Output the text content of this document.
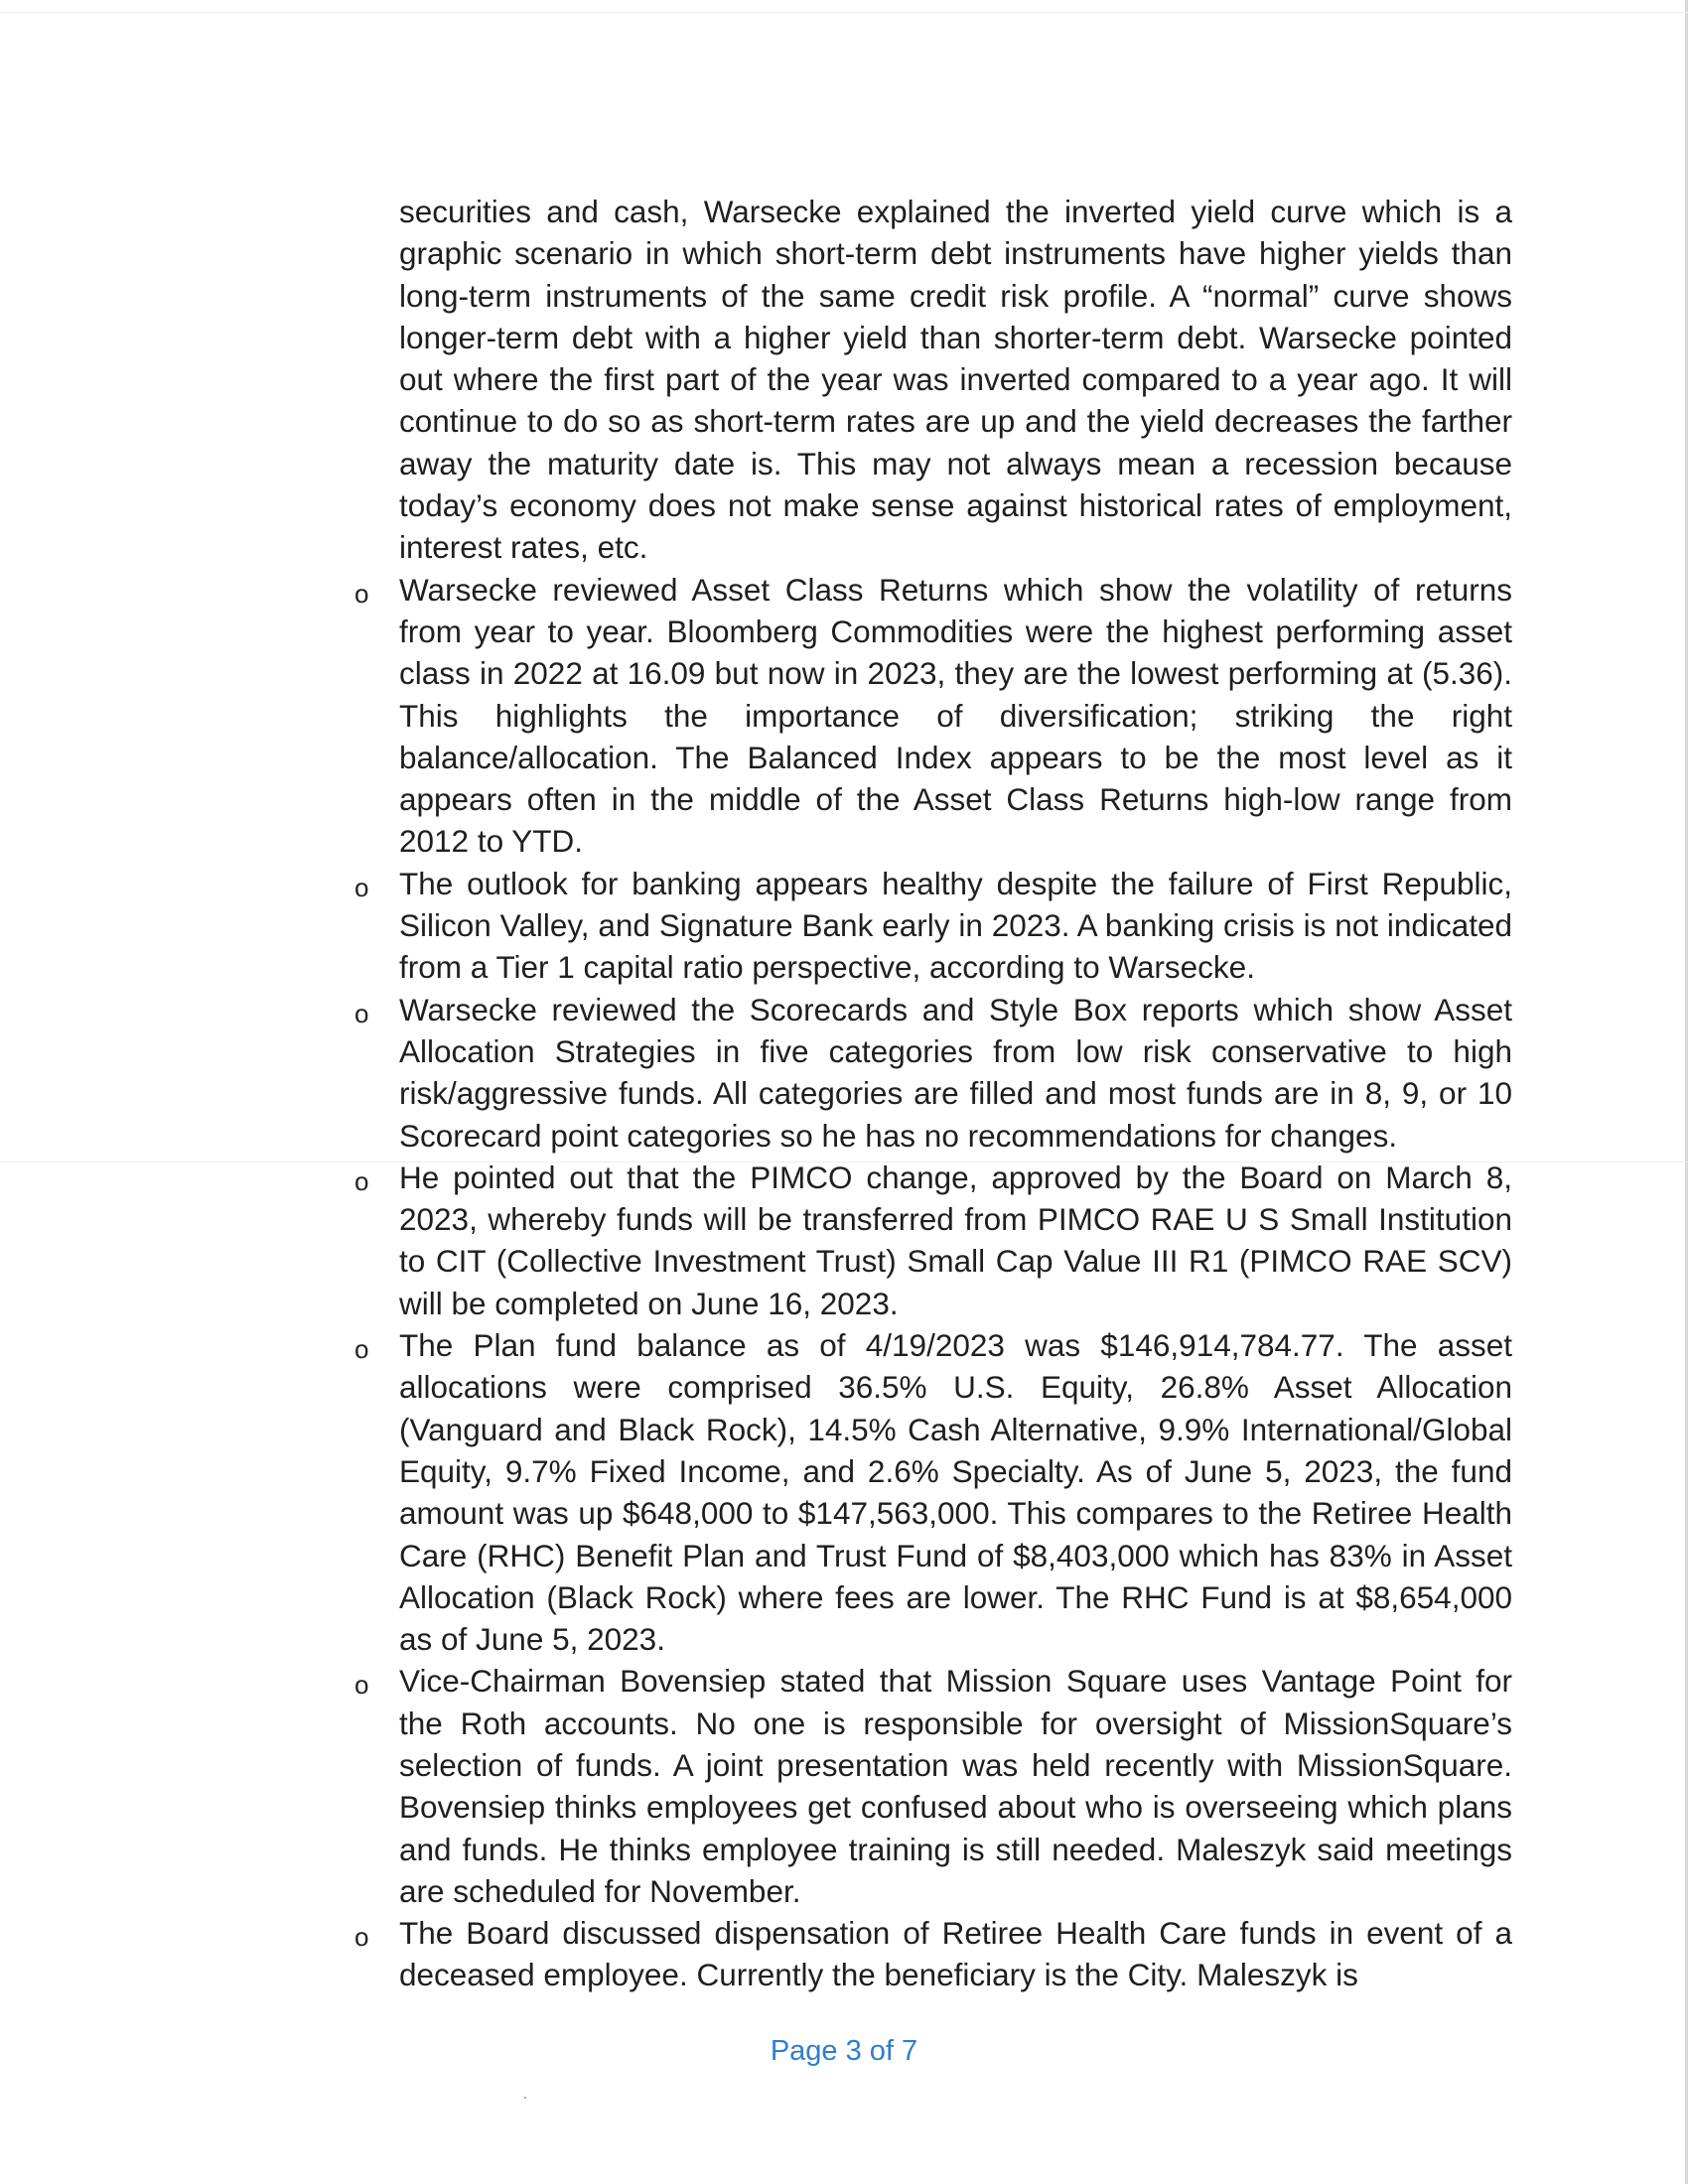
securities and cash, Warsecke explained the inverted yield curve which is a graphic scenario in which short-term debt instruments have higher yields than long-term instruments of the same credit risk profile. A “normal” curve shows longer-term debt with a higher yield than shorter-term debt. Warsecke pointed out where the first part of the year was inverted compared to a year ago. It will continue to do so as short-term rates are up and the yield decreases the farther away the maturity date is. This may not always mean a recession because today’s economy does not make sense against historical rates of employment, interest rates, etc.

o Warsecke reviewed Asset Class Returns which show the volatility of returns from year to year. Bloomberg Commodities were the highest performing asset class in 2022 at 16.09 but now in 2023, they are the lowest performing at (5.36). This highlights the importance of diversification; striking the right balance/allocation. The Balanced Index appears to be the most level as it appears often in the middle of the Asset Class Returns high-low range from 2012 to YTD.

o The outlook for banking appears healthy despite the failure of First Republic, Silicon Valley, and Signature Bank early in 2023. A banking crisis is not indicated from a Tier 1 capital ratio perspective, according to Warsecke.

o Warsecke reviewed the Scorecards and Style Box reports which show Asset Allocation Strategies in five categories from low risk conservative to high risk/aggressive funds. All categories are filled and most funds are in 8, 9, or 10 Scorecard point categories so he has no recommendations for changes.

o He pointed out that the PIMCO change, approved by the Board on March 8, 2023, whereby funds will be transferred from PIMCO RAE U S Small Institution to CIT (Collective Investment Trust) Small Cap Value III R1 (PIMCO RAE SCV) will be completed on June 16, 2023.

o The Plan fund balance as of 4/19/2023 was $146,914,784.77. The asset allocations were comprised 36.5% U.S. Equity, 26.8% Asset Allocation (Vanguard and Black Rock), 14.5% Cash Alternative, 9.9% International/Global Equity, 9.7% Fixed Income, and 2.6% Specialty. As of June 5, 2023, the fund amount was up $648,000 to $147,563,000. This compares to the Retiree Health Care (RHC) Benefit Plan and Trust Fund of $8,403,000 which has 83% in Asset Allocation (Black Rock) where fees are lower. The RHC Fund is at $8,654,000 as of June 5, 2023.

o Vice-Chairman Bovensiep stated that Mission Square uses Vantage Point for the Roth accounts. No one is responsible for oversight of MissionSquare’s selection of funds. A joint presentation was held recently with MissionSquare. Bovensiep thinks employees get confused about who is overseeing which plans and funds. He thinks employee training is still needed. Maleszyk said meetings are scheduled for November.

o The Board discussed dispensation of Retiree Health Care funds in event of a deceased employee. Currently the beneficiary is the City. Maleszyk is

Page 3 of 7
